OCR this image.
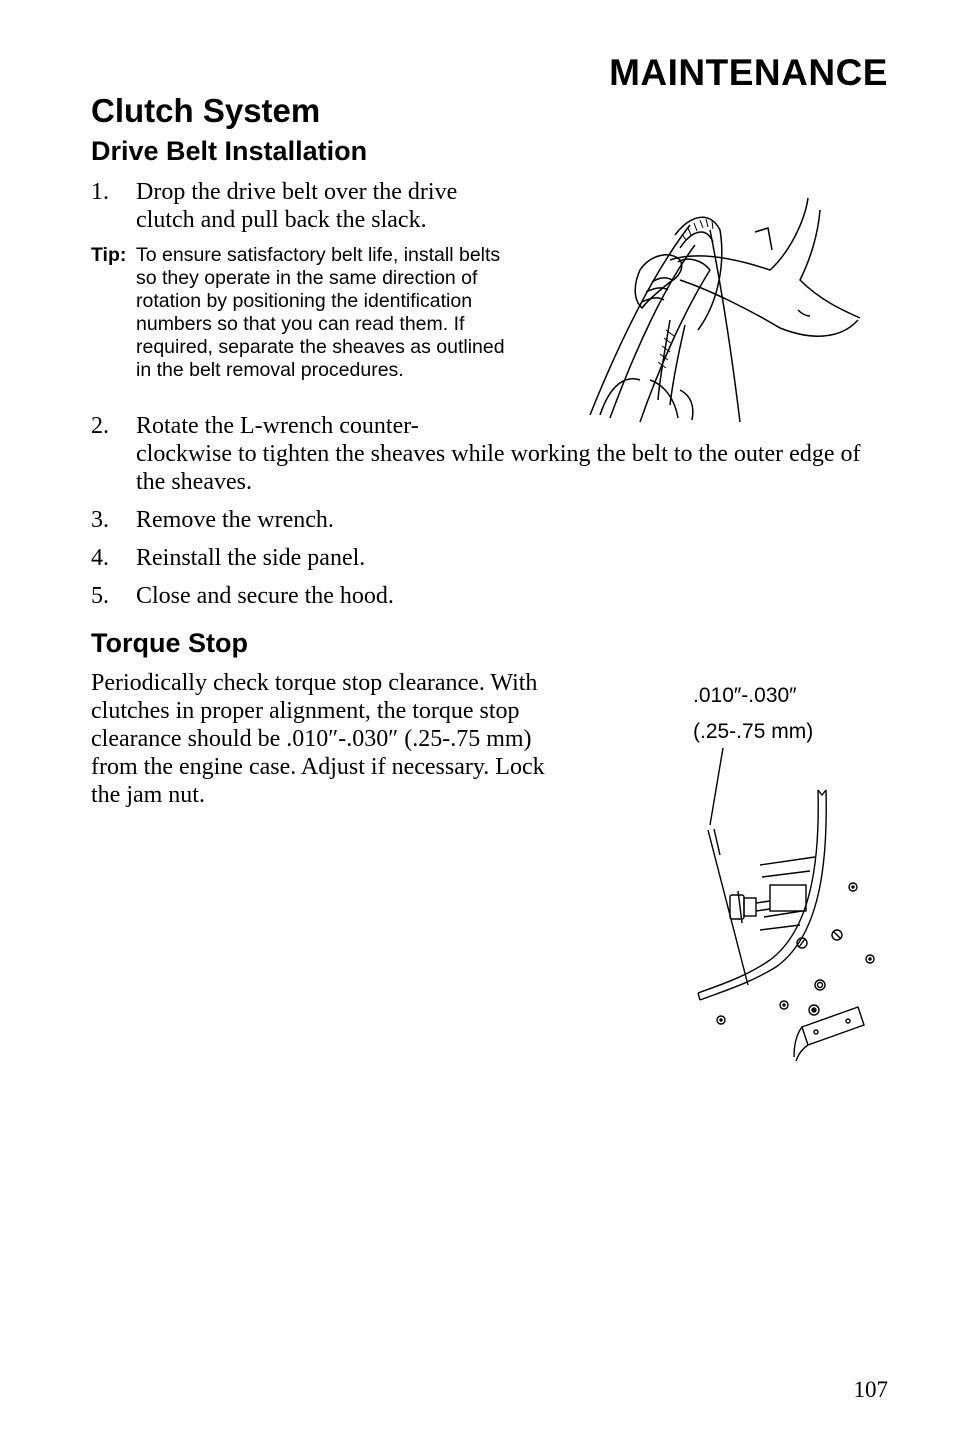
MAINTENANCE
Clutch System
Drive Belt Installation
1.	Drop the drive belt over the drive clutch and pull back the slack.
Tip: To ensure satisfactory belt life, install belts so they operate in the same direction of rotation by positioning the identification numbers so that you can read them. If required, separate the sheaves as outlined in the belt removal procedures.
2.	Rotate the L-wrench counter-
clockwise to tighten the sheaves while working the belt to the outer edge of the sheaves.
3.	Remove the wrench.
4.	Reinstall the side panel.
5.	Close and secure the hood.
Torque Stop
Periodically check torque stop clearance. With clutches in proper alignment, the torque stop clearance should be .010″-.030″ (.25-.75 mm) from the engine case. Adjust if necessary. Lock the jam nut.
.010″-.030″
(.25-.75 mm)
107
